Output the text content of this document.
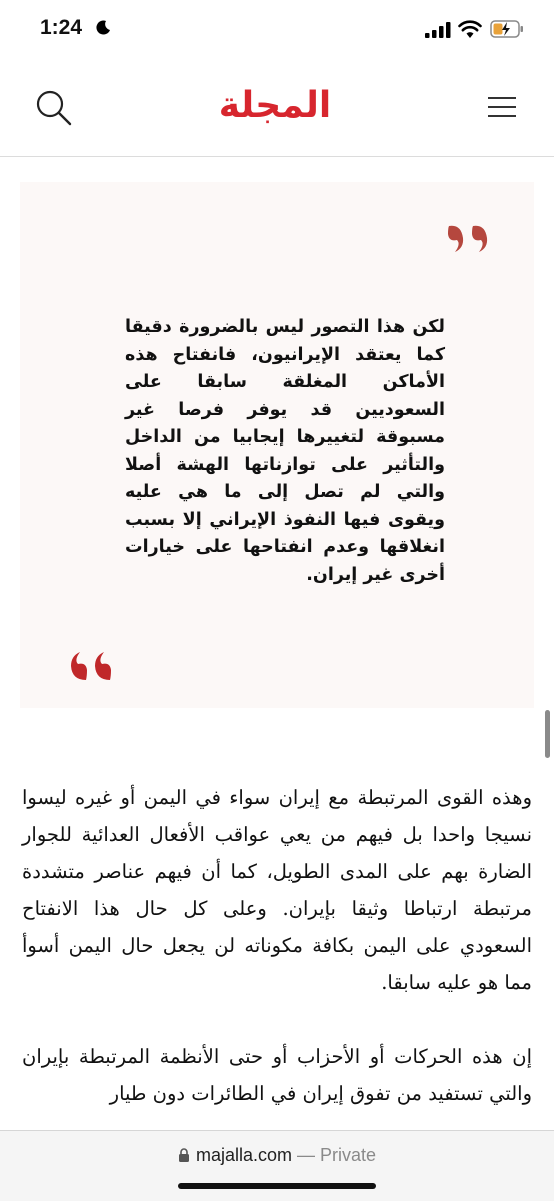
1:24
المجلة

لكن هذا التصور ليس بالضرورة دقيقا كما يعتقد الإيرانيون، فانفتاح هذه الأماكن المغلقة سابقا على السعوديين قد يوفر فرصا غير مسبوقة لتغييرها إيجابيا من الداخل والتأثير على توازناتها الهشة أصلا والتي لم تصل إلى ما هي عليه ويقوى فيها النفوذ الإيراني إلا بسبب انغلاقها وعدم انفتاحها على خيارات أخرى غير إيران.

وهذه القوى المرتبطة مع إيران سواء في اليمن أو غيره ليسوا نسيجا واحدا بل فيهم من يعي عواقب الأفعال العدائية للجوار الضارة بهم على المدى الطويل، كما أن فيهم عناصر متشددة مرتبطة ارتباطا وثيقا بإيران. وعلى كل حال هذا الانفتاح السعودي على اليمن بكافة مكوناته لن يجعل حال اليمن أسوأ مما هو عليه سابقا.

إن هذه الحركات أو الأحزاب أو حتى الأنظمة المرتبطة بإيران والتي تستفيد من تفوق إيران في الطائرات دون طيار

majalla.com — Private
